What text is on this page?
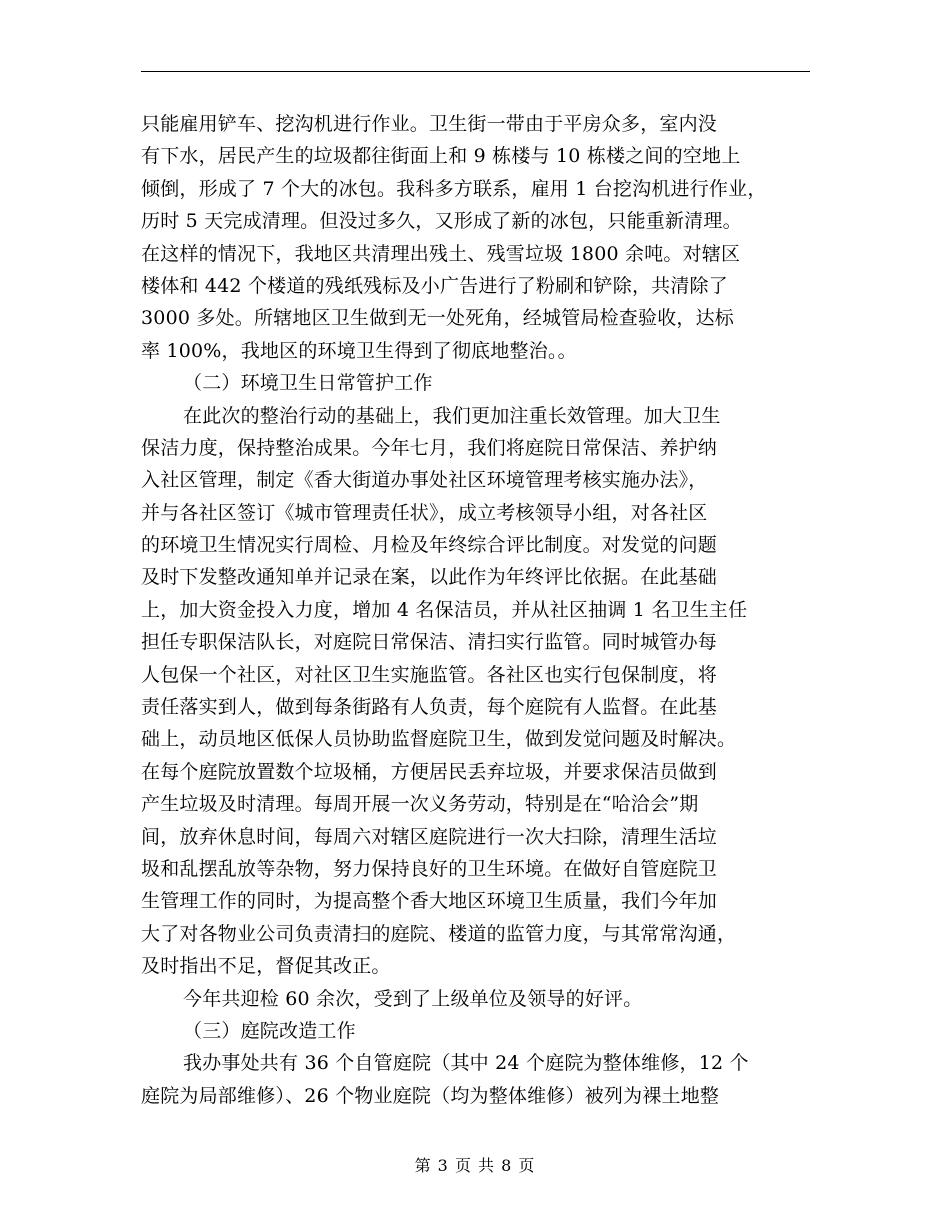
只能雇用铲车、挖沟机进行作业。卫生街一带由于平房众多，室内没
有下水，居民产生的垃圾都往街面上和 9 栋楼与 10 栋楼之间的空地上
倾倒，形成了 7 个大的冰包。我科多方联系，雇用 1 台挖沟机进行作业，
历时 5 天完成清理。但没过多久，又形成了新的冰包，只能重新清理。
在这样的情况下，我地区共清理出残土、残雪垃圾 1800 余吨。对辖区
楼体和 442 个楼道的残纸残标及小广告进行了粉刷和铲除，共清除了
3000 多处。所辖地区卫生做到无一处死角，经城管局检查验收，达标
率 100%，我地区的环境卫生得到了彻底地整治。。
（二）环境卫生日常管护工作
在此次的整治行动的基础上，我们更加注重长效管理。加大卫生
保洁力度，保持整治成果。今年七月，我们将庭院日常保洁、养护纳
入社区管理，制定《香大街道办事处社区环境管理考核实施办法》，
并与各社区签订《城市管理责任状》，成立考核领导小组，对各社区
的环境卫生情况实行周检、月检及年终综合评比制度。对发觉的问题
及时下发整改通知单并记录在案，以此作为年终评比依据。在此基础
上，加大资金投入力度，增加 4 名保洁员，并从社区抽调 1 名卫生主任
担任专职保洁队长，对庭院日常保洁、清扫实行监管。同时城管办每
人包保一个社区，对社区卫生实施监管。各社区也实行包保制度，将
责任落实到人，做到每条街路有人负责，每个庭院有人监督。在此基
础上，动员地区低保人员协助监督庭院卫生，做到发觉问题及时解决。
在每个庭院放置数个垃圾桶，方便居民丢弃垃圾，并要求保洁员做到
产生垃圾及时清理。每周开展一次义务劳动，特别是在“哈洽会”期
间，放弃休息时间，每周六对辖区庭院进行一次大扫除，清理生活垃
圾和乱摆乱放等杂物，努力保持良好的卫生环境。在做好自管庭院卫
生管理工作的同时，为提高整个香大地区环境卫生质量，我们今年加
大了对各物业公司负责清扫的庭院、楼道的监管力度，与其常常沟通，
及时指出不足，督促其改正。
今年共迎检 60 余次，受到了上级单位及领导的好评。
（三）庭院改造工作
我办事处共有 36 个自管庭院（其中 24 个庭院为整体维修，12 个
庭院为局部维修）、26 个物业庭院（均为整体维修）被列为裸土地整
第 3 页 共 8 页
